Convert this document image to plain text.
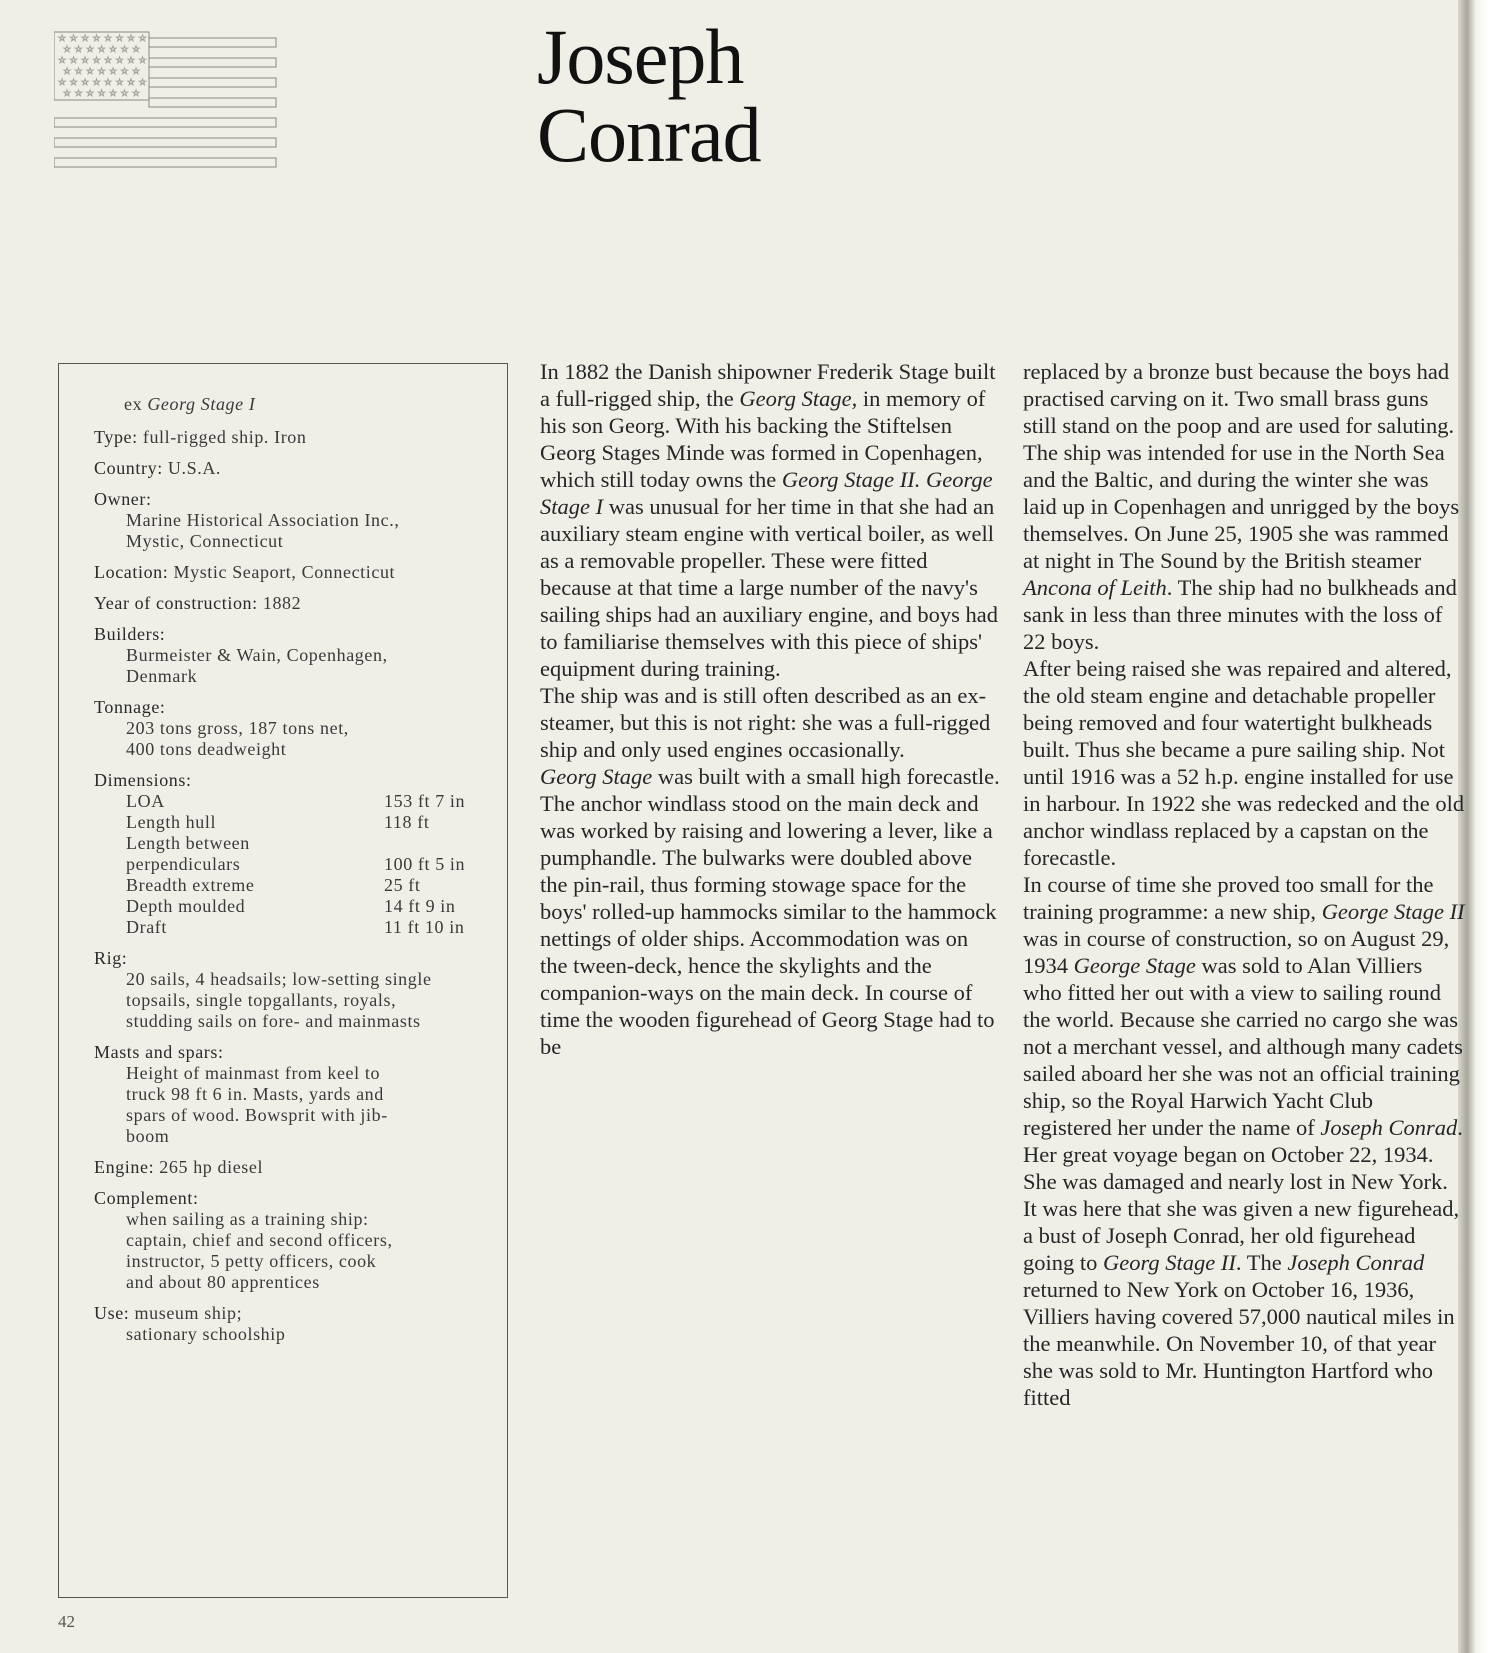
☆ ☆ ☆ ☆ ☆ ☆ ☆ ☆
☆ ☆ ☆ ☆ ☆ ☆ ☆
☆ ☆ ☆ ☆ ☆ ☆ ☆ ☆
☆ ☆ ☆ ☆ ☆ ☆ ☆
☆ ☆ ☆ ☆ ☆ ☆ ☆ ☆
☆ ☆ ☆ ☆ ☆ ☆ ☆	Joseph
Conrad
ex Georg Stage I
Type: full-rigged ship. Iron
Country: U.S.A.
Owner:
Marine Historical Association Inc.,
Mystic, Connecticut
Location: Mystic Seaport, Connecticut
Year of construction: 1882
Builders:
Burmeister & Wain, Copenhagen,
Denmark
Tonnage:
203 tons gross, 187 tons net,
400 tons deadweight
Dimensions:
LOA	153 ft 7 in
Length hull	118 ft
Length between	
perpendiculars	100 ft 5 in
Breadth extreme	25 ft
Depth moulded	14 ft 9 in
Draft	11 ft 10 in
Rig:
20 sails, 4 headsails; low-setting single
topsails, single topgallants, royals,
studding sails on fore- and mainmasts
Masts and spars:
Height of mainmast from keel to
truck 98 ft 6 in. Masts, yards and
spars of wood. Bowsprit with jib-
boom
Engine: 265 hp diesel
Complement:
when sailing as a training ship:
captain, chief and second officers,
instructor, 5 petty officers, cook
and about 80 apprentices
Use: museum ship;
sationary schoolship

In 1882 the Danish shipowner Frederik Stage built a full-rigged ship, the Georg Stage, in memory of his son Georg. With his backing the Stiftelsen Georg Stages Minde was formed in Copenhagen, which still today owns the Georg Stage II. George Stage I was unusual for her time in that she had an auxiliary steam engine with vertical boiler, as well as a removable propeller. These were fitted because at that time a large number of the navy's sailing ships had an auxiliary engine, and boys had to familiarise themselves with this piece of ships' equipment during training.

The ship was and is still often described as an ex-steamer, but this is not right: she was a full-rigged ship and only used engines occasionally.

Georg Stage was built with a small high forecastle. The anchor windlass stood on the main deck and was worked by raising and lowering a lever, like a pumphandle. The bulwarks were doubled above the pin-rail, thus forming stowage space for the boys' rolled-up hammocks similar to the hammock nettings of older ships. Accommodation was on the tween-deck, hence the skylights and the companion-ways on the main deck. In course of time the wooden figurehead of Georg Stage had to be

replaced by a bronze bust because the boys had practised carving on it. Two small brass guns still stand on the poop and are used for saluting.

The ship was intended for use in the North Sea and the Baltic, and during the winter she was laid up in Copenhagen and unrigged by the boys themselves. On June 25, 1905 she was rammed at night in The Sound by the British steamer Ancona of Leith. The ship had no bulkheads and sank in less than three minutes with the loss of 22 boys.

After being raised she was repaired and altered, the old steam engine and detachable propeller being removed and four watertight bulkheads built. Thus she became a pure sailing ship. Not until 1916 was a 52 h.p. engine installed for use in harbour. In 1922 she was redecked and the old anchor windlass replaced by a capstan on the forecastle.

In course of time she proved too small for the training programme: a new ship, George Stage II was in course of construction, so on August 29, 1934 George Stage was sold to Alan Villiers who fitted her out with a view to sailing round the world. Because she carried no cargo she was not a merchant vessel, and although many cadets sailed aboard her she was not an official training ship, so the Royal Harwich Yacht Club registered her under the name of Joseph Conrad.

Her great voyage began on October 22, 1934. She was damaged and nearly lost in New York. It was here that she was given a new figurehead, a bust of Joseph Conrad, her old figurehead going to Georg Stage II. The Joseph Conrad returned to New York on October 16, 1936, Villiers having covered 57,000 nautical miles in the meanwhile. On November 10, of that year she was sold to Mr. Huntington Hartford who fitted

42
